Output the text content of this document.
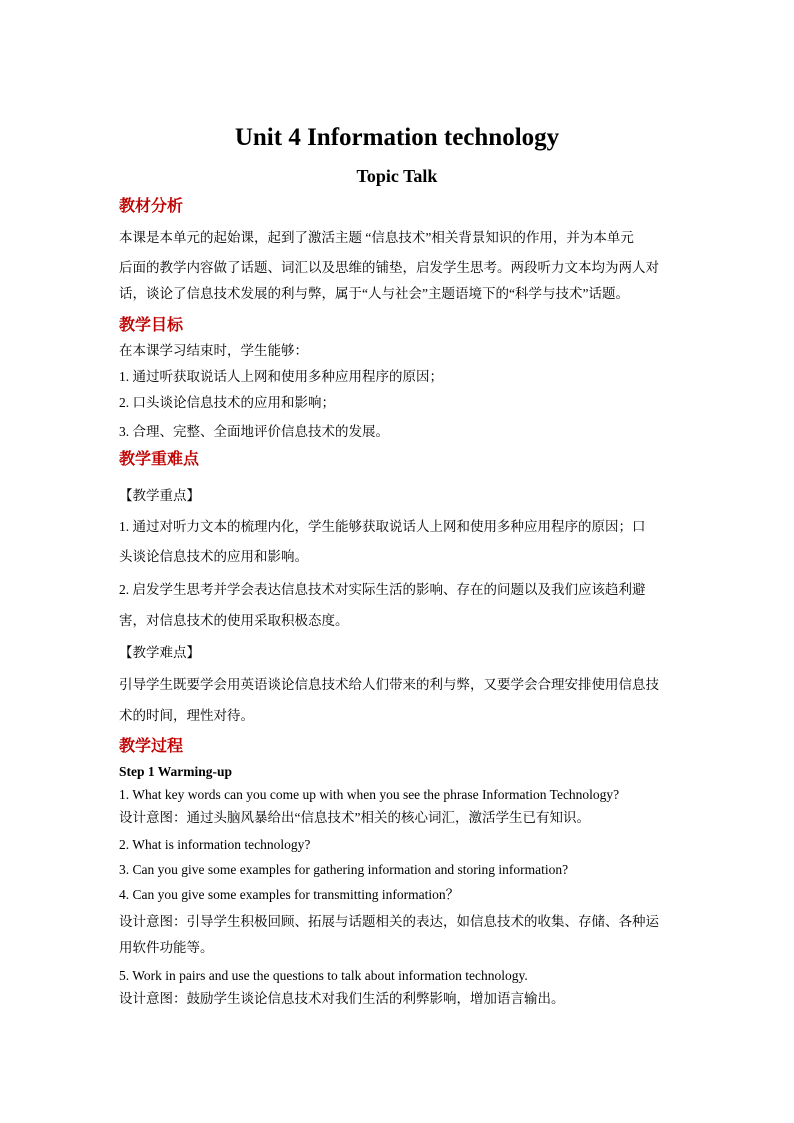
Unit 4 Information technology
Topic Talk
教材分析
本课是本单元的起始课，起到了激活主题 “信息技术”相关背景知识的作用，并为本单元
后面的教学内容做了话题、词汇以及思维的铺垫，启发学生思考。两段听力文本均为两人对
话，谈论了信息技术发展的利与弊，属于“人与社会”主题语境下的“科学与技术”话题。
教学目标
在本课学习结束时，学生能够：
1. 通过听获取说话人上网和使用多种应用程序的原因；
2. 口头谈论信息技术的应用和影响；
3. 合理、完整、全面地评价信息技术的发展。
教学重难点
【教学重点】
1. 通过对听力文本的梳理内化，学生能够获取说话人上网和使用多种应用程序的原因；口
头谈论信息技术的应用和影响。
2. 启发学生思考并学会表达信息技术对实际生活的影响、存在的问题以及我们应该趋利避
害，对信息技术的使用采取积极态度。
【教学难点】
引导学生既要学会用英语谈论信息技术给人们带来的利与弊，又要学会合理安排使用信息技
术的时间，理性对待。
教学过程
Step 1 Warming-up
1. What key words can you come up with when you see the phrase Information Technology?
设计意图：通过头脑风暴给出“信息技术”相关的核心词汇，激活学生已有知识。
2. What is information technology?
3. Can you give some examples for gathering information and storing information?
4. Can you give some examples for transmitting information？
设计意图：引导学生积极回顾、拓展与话题相关的表达，如信息技术的收集、存储、各种运
用软件功能等。
5. Work in pairs and use the questions to talk about information technology.
设计意图：鼓励学生谈论信息技术对我们生活的利弊影响，增加语言输出。
